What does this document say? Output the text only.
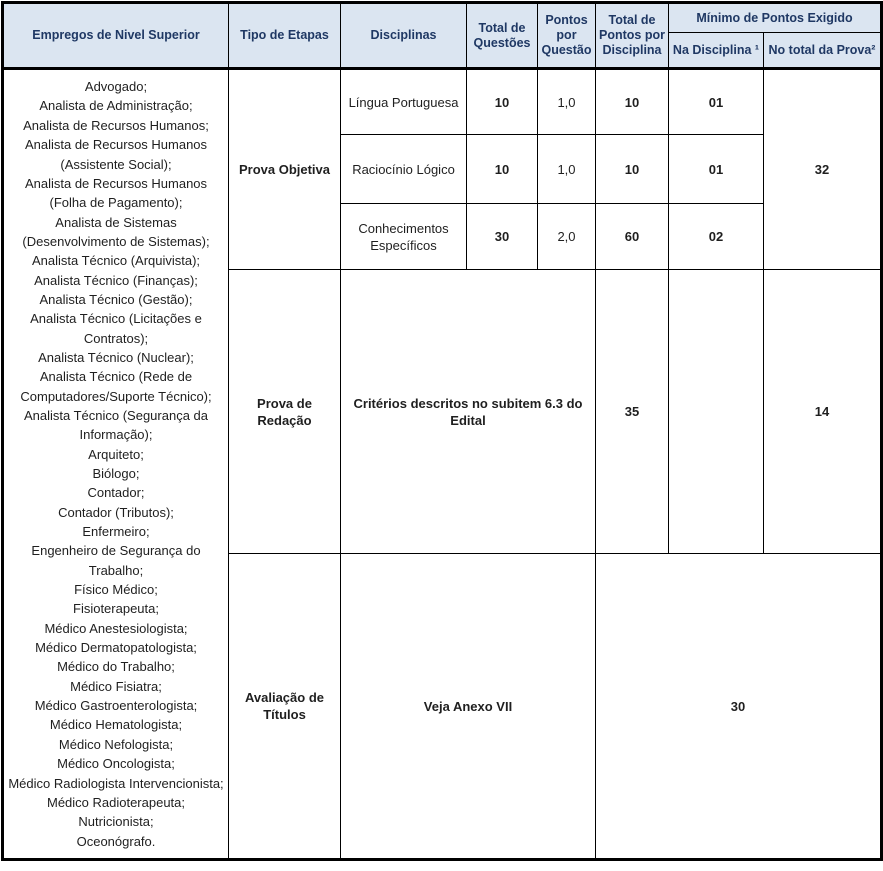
Empregos de Nivel Superior	Tipo de Etapas	Disciplinas	Total de Questões	Pontos por Questão	Total de Pontos por Disciplina	Mínimo de Pontos Exigido	
						Na Disciplina ¹	No total da Prova²

Advogado;
Analista de Administração;
Analista de Recursos Humanos;
Analista de Recursos Humanos (Assistente Social);
Analista de Recursos Humanos (Folha de Pagamento);
Analista de Sistemas (Desenvolvimento de Sistemas);
Analista Técnico (Arquivista);
Analista Técnico (Finanças);
Analista Técnico (Gestão);
Analista Técnico (Licitações e Contratos);
Analista Técnico (Nuclear);
Analista Técnico (Rede de Computadores/Suporte Técnico);
Analista Técnico (Segurança da Informação);
Arquiteto;
Biólogo;
Contador;
Contador (Tributos);
Enfermeiro;
Engenheiro de Segurança do Trabalho;
Físico Médico;
Fisioterapeuta;
Médico Anestesiologista;
Médico Dermatopatologista;
Médico do Trabalho;
Médico Fisiatra;
Médico Gastroenterologista;
Médico Hematologista;
Médico Nefologista;
Médico Oncologista;
Médico Radiologista Intervencionista;
Médico Radioterapeuta;
Nutricionista;
Oceonógrafo.
	Prova Objetiva	Língua Portuguesa	10	1,0	10	01	32
		Raciocínio Lógico	10	1,0	10	01	
		Conhecimentos Específicos	30	2,0	60	02	
	Prova de Redação	Critérios descritos no subitem 6.3 do Edital			35		14
	Avaliação de Títulos	Veja Anexo VII			30		
